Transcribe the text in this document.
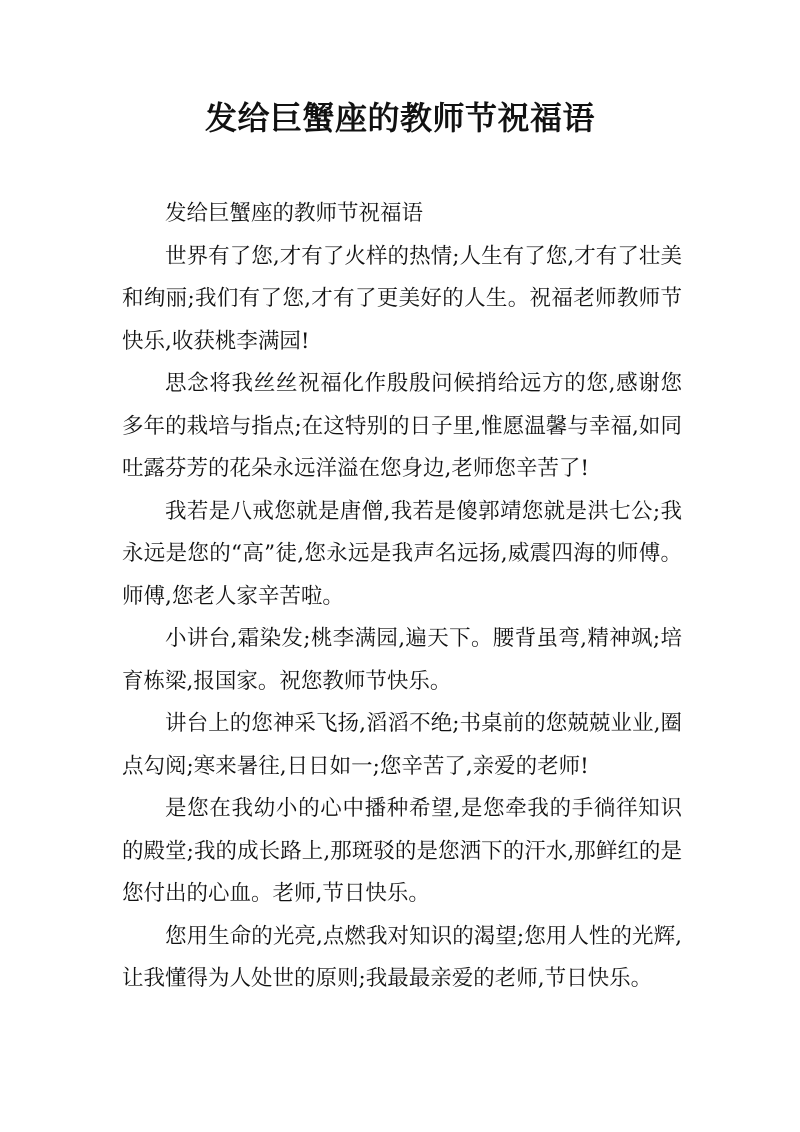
发给巨蟹座的教师节祝福语

发给巨蟹座的教师节祝福语

世界有了您,才有了火样的热情;人生有了您,才有了壮美和绚丽;我们有了您,才有了更美好的人生。祝福老师教师节快乐,收获桃李满园!

思念将我丝丝祝福化作殷殷问候捎给远方的您,感谢您多年的栽培与指点;在这特别的日子里,惟愿温馨与幸福,如同吐露芬芳的花朵永远洋溢在您身边,老师您辛苦了!

我若是八戒您就是唐僧,我若是傻郭靖您就是洪七公;我永远是您的“高”徒,您永远是我声名远扬,威震四海的师傅。师傅,您老人家辛苦啦。

小讲台,霜染发;桃李满园,遍天下。腰背虽弯,精神飒;培育栋梁,报国家。祝您教师节快乐。

讲台上的您神采飞扬,滔滔不绝;书桌前的您兢兢业业,圈点勾阅;寒来暑往,日日如一;您辛苦了,亲爱的老师!

是您在我幼小的心中播种希望,是您牵我的手徜徉知识的殿堂;我的成长路上,那斑驳的是您洒下的汗水,那鲜红的是您付出的心血。老师,节日快乐。

您用生命的光亮,点燃我对知识的渴望;您用人性的光辉,让我懂得为人处世的原则;我最最亲爱的老师,节日快乐。
